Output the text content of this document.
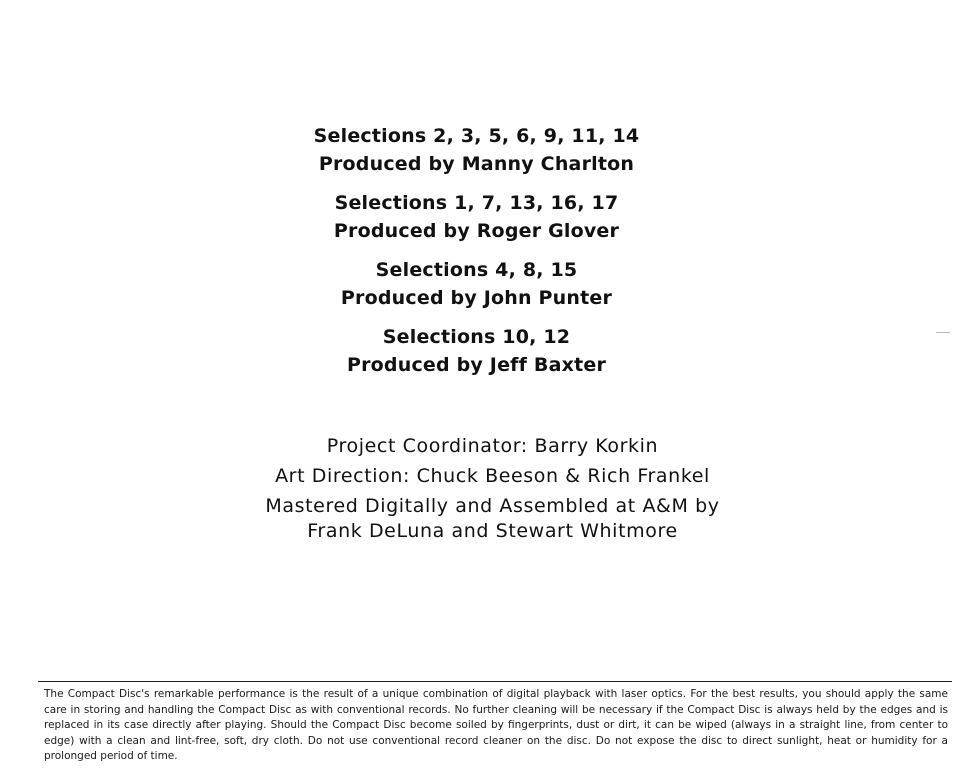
Selections 2, 3, 5, 6, 9, 11, 14
Produced by Manny Charlton
Selections 1, 7, 13, 16, 17
Produced by Roger Glover
Selections 4, 8, 15
Produced by John Punter
Selections 10, 12
Produced by Jeff Baxter
Project Coordinator: Barry Korkin
Art Direction: Chuck Beeson & Rich Frankel
Mastered Digitally and Assembled at A&M by
Frank DeLuna and Stewart Whitmore
The Compact Disc's remarkable performance is the result of a unique combination of digital playback with laser optics. For the best results, you should apply the same care in storing and handling the Compact Disc as with conventional records. No further cleaning will be necessary if the Compact Disc is always held by the edges and is replaced in its case directly after playing. Should the Compact Disc become soiled by fingerprints, dust or dirt, it can be wiped (always in a straight line, from center to edge) with a clean and lint-free, soft, dry cloth. Do not use conventional record cleaner on the disc. Do not expose the disc to direct sunlight, heat or humidity for a prolonged period of time.
